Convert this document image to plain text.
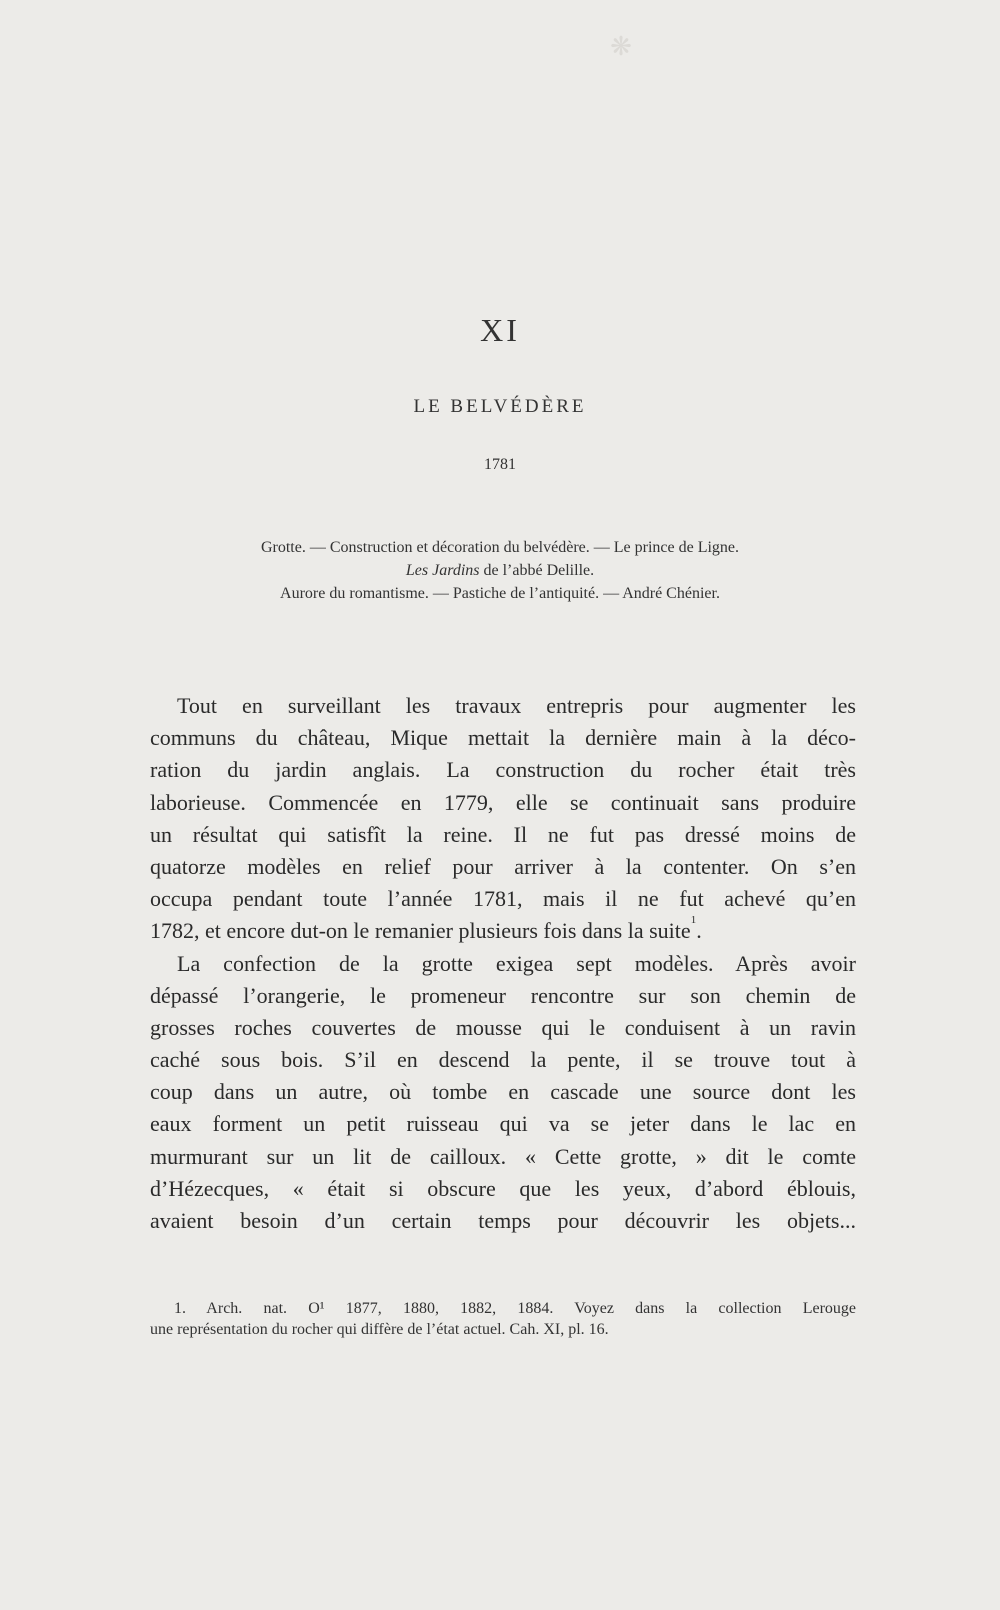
❋
XI
LE BELVÉDÈRE
1781
Grotte. — Construction et décoration du belvédère. — Le prince de Ligne.
Les Jardins de l’abbé Delille.
Aurore du romantisme. — Pastiche de l’antiquité. — André Chénier.
Tout en surveillant les travaux entrepris pour augmenter les
communs du château, Mique mettait la dernière main à la déco-
ration du jardin anglais. La construction du rocher était très
laborieuse. Commencée en 1779, elle se continuait sans produire
un résultat qui satisfît la reine. Il ne fut pas dressé moins de
quatorze modèles en relief pour arriver à la contenter. On s’en
occupa pendant toute l’année 1781, mais il ne fut achevé qu’en
1782, et encore dut-on le remanier plusieurs fois dans la suite$^1$.
La confection de la grotte exigea sept modèles. Après avoir
dépassé l’orangerie, le promeneur rencontre sur son chemin de
grosses roches couvertes de mousse qui le conduisent à un ravin
caché sous bois. S’il en descend la pente, il se trouve tout à
coup dans un autre, où tombe en cascade une source dont les
eaux forment un petit ruisseau qui va se jeter dans le lac en
murmurant sur un lit de cailloux. « Cette grotte, » dit le comte
d’Hézecques, « était si obscure que les yeux, d’abord éblouis,
avaient besoin d’un certain temps pour découvrir les objets...
1. Arch. nat. O¹ 1877, 1880, 1882, 1884. Voyez dans la collection Lerouge
une représentation du rocher qui diffère de l’état actuel. Cah. XI, pl. 16.
